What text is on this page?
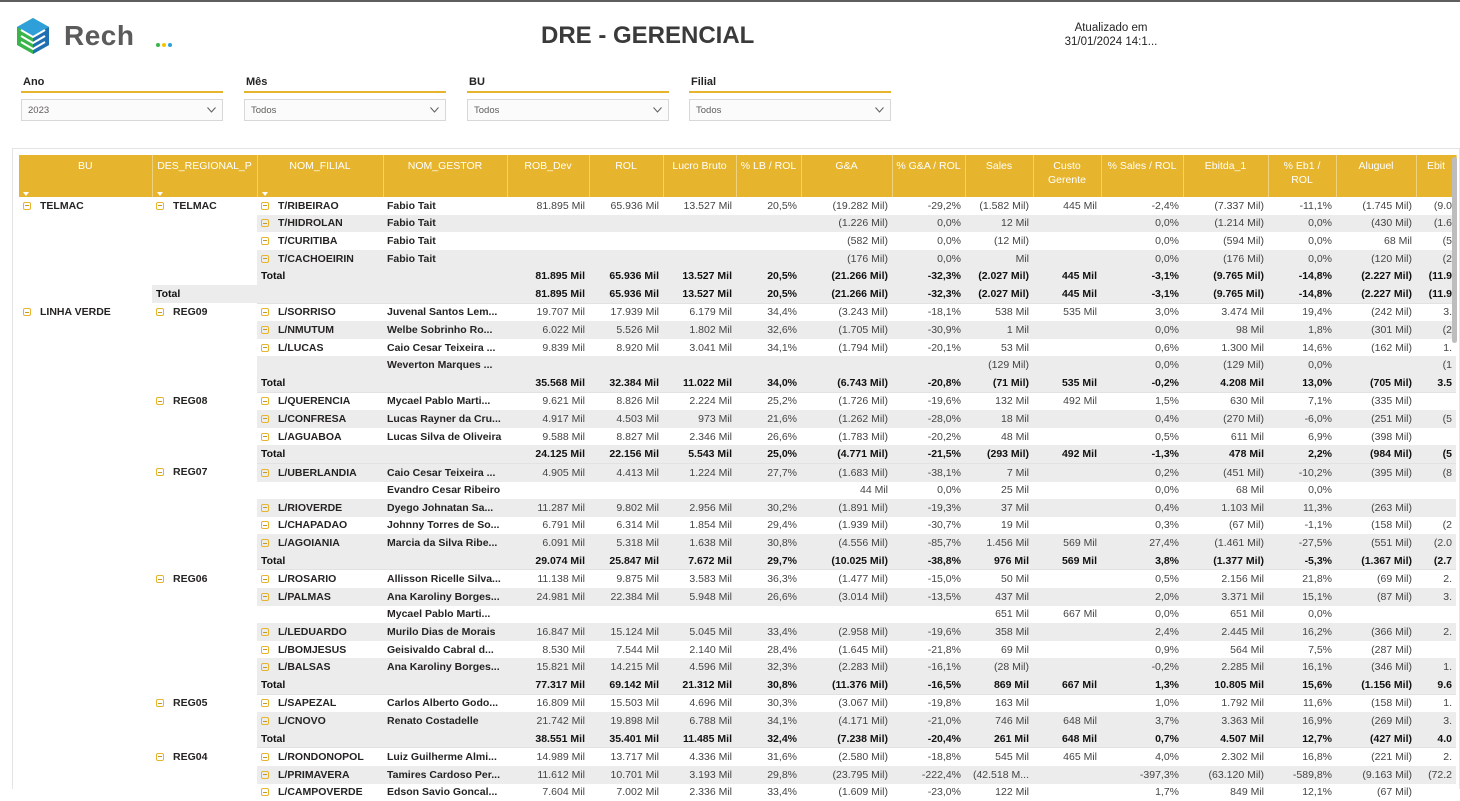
Rech	DRE - GERENCIAL	Atualizado em
31/01/2024 14:1...
Ano
2023
Mês
Todos
BU
Todos
Filial
Todos
BU	DES_REGIONAL_P	NOM_FILIAL	NOM_GESTOR	ROB_Dev	ROL	Lucro Bruto	% LB / ROL	G&A	% G&A / ROL	Sales	Custo Gerente	% Sales / ROL	Ebitda_1	% Eb1 / ROL	Aluguel	Ebit
TELMAC	TELMAC	T/RIBEIRAO	Fabio Tait	81.895 Mil	65.936 Mil	13.527 Mil	20,5%	(19.282 Mil)	-29,2%	(1.582 Mil)	445 Mil	-2,4%	(7.337 Mil)	-11,1%	(1.745 Mil)	(9.0
		T/HIDROLAN	Fabio Tait					(1.226 Mil)	0,0%	12 Mil		0,0%	(1.214 Mil)	0,0%	(430 Mil)	(1.6
		T/CURITIBA	Fabio Tait					(582 Mil)	0,0%	(12 Mil)		0,0%	(594 Mil)	0,0%	68 Mil	(5
		T/CACHOEIRIN	Fabio Tait					(176 Mil)	0,0%	Mil		0,0%	(176 Mil)	0,0%	(120 Mil)	(2
		Total		81.895 Mil	65.936 Mil	13.527 Mil	20,5%	(21.266 Mil)	-32,3%	(2.027 Mil)	445 Mil	-3,1%	(9.765 Mil)	-14,8%	(2.227 Mil)	(11.9
	Total			81.895 Mil	65.936 Mil	13.527 Mil	20,5%	(21.266 Mil)	-32,3%	(2.027 Mil)	445 Mil	-3,1%	(9.765 Mil)	-14,8%	(2.227 Mil)	(11.9
LINHA VERDE	REG09	L/SORRISO	Juvenal Santos Lem...	19.707 Mil	17.939 Mil	6.179 Mil	34,4%	(3.243 Mil)	-18,1%	538 Mil	535 Mil	3,0%	3.474 Mil	19,4%	(242 Mil)	3.
		L/NMUTUM	Welbe Sobrinho Ro...	6.022 Mil	5.526 Mil	1.802 Mil	32,6%	(1.705 Mil)	-30,9%	1 Mil		0,0%	98 Mil	1,8%	(301 Mil)	(2
		L/LUCAS	Caio Cesar Teixeira ...	9.839 Mil	8.920 Mil	3.041 Mil	34,1%	(1.794 Mil)	-20,1%	53 Mil		0,6%	1.300 Mil	14,6%	(162 Mil)	1.
			Weverton Marques ...							(129 Mil)		0,0%	(129 Mil)	0,0%		(1
		Total		35.568 Mil	32.384 Mil	11.022 Mil	34,0%	(6.743 Mil)	-20,8%	(71 Mil)	535 Mil	-0,2%	4.208 Mil	13,0%	(705 Mil)	3.5
	REG08	L/QUERENCIA	Mycael Pablo Marti...	9.621 Mil	8.826 Mil	2.224 Mil	25,2%	(1.726 Mil)	-19,6%	132 Mil	492 Mil	1,5%	630 Mil	7,1%	(335 Mil)	
		L/CONFRESA	Lucas Rayner da Cru...	4.917 Mil	4.503 Mil	973 Mil	21,6%	(1.262 Mil)	-28,0%	18 Mil		0,4%	(270 Mil)	-6,0%	(251 Mil)	(5
		L/AGUABOA	Lucas Silva de Oliveira	9.588 Mil	8.827 Mil	2.346 Mil	26,6%	(1.783 Mil)	-20,2%	48 Mil		0,5%	611 Mil	6,9%	(398 Mil)	
		Total		24.125 Mil	22.156 Mil	5.543 Mil	25,0%	(4.771 Mil)	-21,5%	(293 Mil)	492 Mil	-1,3%	478 Mil	2,2%	(984 Mil)	(5
	REG07	L/UBERLANDIA	Caio Cesar Teixeira ...	4.905 Mil	4.413 Mil	1.224 Mil	27,7%	(1.683 Mil)	-38,1%	7 Mil		0,2%	(451 Mil)	-10,2%	(395 Mil)	(8
			Evandro Cesar Ribeiro					44 Mil	0,0%	25 Mil		0,0%	68 Mil	0,0%		
		L/RIOVERDE	Dyego Johnatan Sa...	11.287 Mil	9.802 Mil	2.956 Mil	30,2%	(1.891 Mil)	-19,3%	37 Mil		0,4%	1.103 Mil	11,3%	(263 Mil)	
		L/CHAPADAO	Johnny Torres de So...	6.791 Mil	6.314 Mil	1.854 Mil	29,4%	(1.939 Mil)	-30,7%	19 Mil		0,3%	(67 Mil)	-1,1%	(158 Mil)	(2
		L/AGOIANIA	Marcia da Silva Ribe...	6.091 Mil	5.318 Mil	1.638 Mil	30,8%	(4.556 Mil)	-85,7%	1.456 Mil	569 Mil	27,4%	(1.461 Mil)	-27,5%	(551 Mil)	(2.0
		Total		29.074 Mil	25.847 Mil	7.672 Mil	29,7%	(10.025 Mil)	-38,8%	976 Mil	569 Mil	3,8%	(1.377 Mil)	-5,3%	(1.367 Mil)	(2.7
	REG06	L/ROSARIO	Allisson Ricelle Silva...	11.138 Mil	9.875 Mil	3.583 Mil	36,3%	(1.477 Mil)	-15,0%	50 Mil		0,5%	2.156 Mil	21,8%	(69 Mil)	2.
		L/PALMAS	Ana Karoliny Borges...	24.981 Mil	22.384 Mil	5.948 Mil	26,6%	(3.014 Mil)	-13,5%	437 Mil		2,0%	3.371 Mil	15,1%	(87 Mil)	3.
			Mycael Pablo Marti...							651 Mil	667 Mil	0,0%	651 Mil	0,0%		
		L/LEDUARDO	Murilo Dias de Morais	16.847 Mil	15.124 Mil	5.045 Mil	33,4%	(2.958 Mil)	-19,6%	358 Mil		2,4%	2.445 Mil	16,2%	(366 Mil)	2.
		L/BOMJESUS	Geisivaldo Cabral d...	8.530 Mil	7.544 Mil	2.140 Mil	28,4%	(1.645 Mil)	-21,8%	69 Mil		0,9%	564 Mil	7,5%	(287 Mil)	
		L/BALSAS	Ana Karoliny Borges...	15.821 Mil	14.215 Mil	4.596 Mil	32,3%	(2.283 Mil)	-16,1%	(28 Mil)		-0,2%	2.285 Mil	16,1%	(346 Mil)	1.
		Total		77.317 Mil	69.142 Mil	21.312 Mil	30,8%	(11.376 Mil)	-16,5%	869 Mil	667 Mil	1,3%	10.805 Mil	15,6%	(1.156 Mil)	9.6
	REG05	L/SAPEZAL	Carlos Alberto Godo...	16.809 Mil	15.503 Mil	4.696 Mil	30,3%	(3.067 Mil)	-19,8%	163 Mil		1,0%	1.792 Mil	11,6%	(158 Mil)	1.
		L/CNOVO	Renato Costadelle	21.742 Mil	19.898 Mil	6.788 Mil	34,1%	(4.171 Mil)	-21,0%	746 Mil	648 Mil	3,7%	3.363 Mil	16,9%	(269 Mil)	3.
		Total		38.551 Mil	35.401 Mil	11.485 Mil	32,4%	(7.238 Mil)	-20,4%	261 Mil	648 Mil	0,7%	4.507 Mil	12,7%	(427 Mil)	4.0
	REG04	L/RONDONOPOL	Luiz Guilherme Almi...	14.989 Mil	13.717 Mil	4.336 Mil	31,6%	(2.580 Mil)	-18,8%	545 Mil	465 Mil	4,0%	2.302 Mil	16,8%	(221 Mil)	2.
		L/PRIMAVERA	Tamires Cardoso Per...	11.612 Mil	10.701 Mil	3.193 Mil	29,8%	(23.795 Mil)	-222,4%	(42.518 M...		-397,3%	(63.120 Mil)	-589,8%	(9.163 Mil)	(72.2
		L/CAMPOVERDE	Edson Savio Goncal...	7.604 Mil	7.002 Mil	2.336 Mil	33,4%	(1.609 Mil)	-23,0%	122 Mil		1,7%	849 Mil	12,1%	(67 Mil)	
